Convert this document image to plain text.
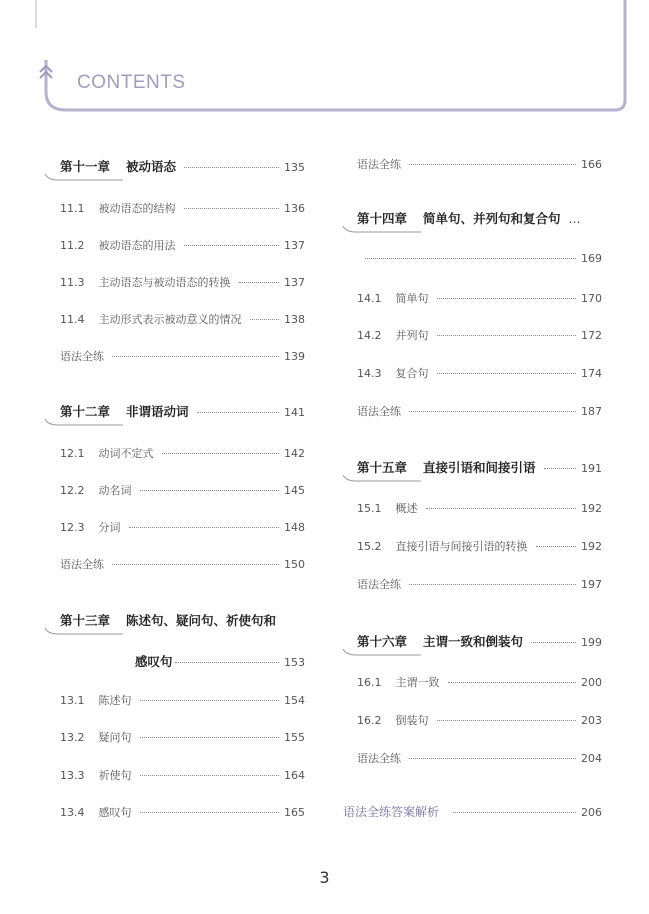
CONTENTS
第十一章 被动语态	135
11.1 被动语态的结构	136
11.2 被动语态的用法	137
11.3 主动语态与被动语态的转换	137
11.4 主动形式表示被动意义的情况	138
语法全练	139
第十二章 非谓语动词	141
12.1 动词不定式	142
12.2 动名词	145
12.3 分词	148
语法全练	150
第十三章 陈述句、疑问句、祈使句和
感叹句	153
13.1 陈述句	154
13.2 疑问句	155
13.3 祈使句	164
13.4 感叹句	165
语法全练	166
第十四章 简单句、并列句和复合句 …
169
14.1 简单句	170
14.2 并列句	172
14.3 复合句	174
语法全练	187
第十五章 直接引语和间接引语	191
15.1 概述	192
15.2 直接引语与间接引语的转换	192
语法全练	197
第十六章 主谓一致和倒装句	199
16.1 主谓一致	200
16.2 倒装句	203
语法全练	204
语法全练答案解析	206
3
